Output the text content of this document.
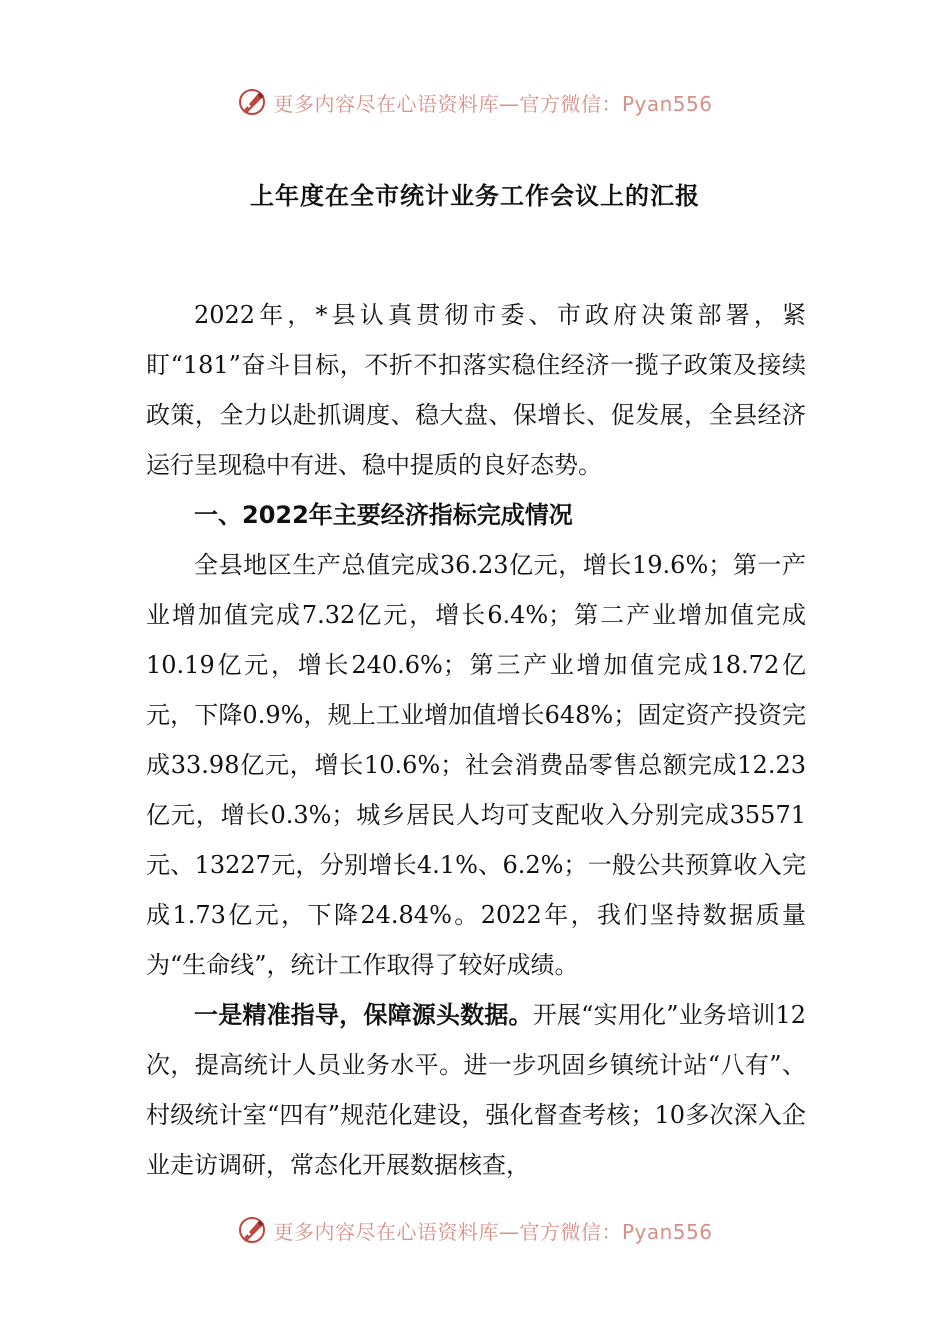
更多内容尽在心语资料库—官方微信：Pyan556
上年度在全市统计业务工作会议上的汇报

2022年，*县认真贯彻市委、市政府决策部署，紧盯“181”奋斗目标，不折不扣落实稳住经济一揽子政策及接续政策，全力以赴抓调度、稳大盘、保增长、促发展，全县经济运行呈现稳中有进、稳中提质的良好态势。

一、2022年主要经济指标完成情况

全县地区生产总值完成36.23亿元，增长19.6%；第一产业增加值完成7.32亿元，增长6.4%；第二产业增加值完成10.19亿元，增长240.6%；第三产业增加值完成18.72亿元，下降0.9%，规上工业增加值增长648%；固定资产投资完成33.98亿元，增长10.6%；社会消费品零售总额完成12.23亿元，增长0.3%；城乡居民人均可支配收入分别完成35571元、13227元，分别增长4.1%、6.2%；一般公共预算收入完成1.73亿元，下降24.84%。2022年，我们坚持数据质量为“生命线”，统计工作取得了较好成绩。

一是精准指导，保障源头数据。开展“实用化”业务培训12次，提高统计人员业务水平。进一步巩固乡镇统计站“八有”、村级统计室“四有”规范化建设，强化督查考核；10多次深入企业走访调研，常态化开展数据核查，

更多内容尽在心语资料库—官方微信：Pyan556
